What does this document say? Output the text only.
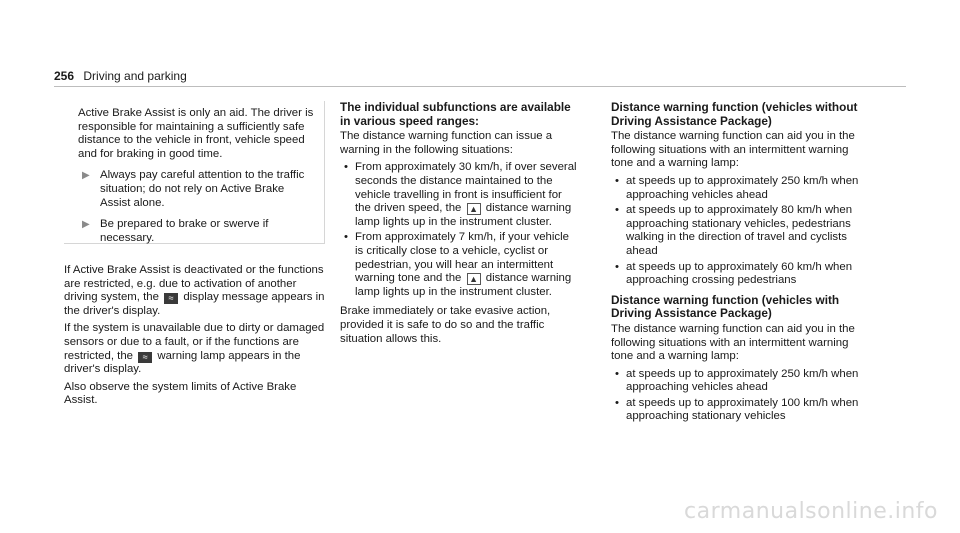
256 Driving and parking

Active Brake Assist is only an aid. The driver is responsible for maintaining a sufficiently safe distance to the vehicle in front, vehicle speed and for braking in good time.

▶ Always pay careful attention to the traffic situation; do not rely on Active Brake Assist alone.
▶ Be prepared to brake or swerve if necessary.

If Active Brake Assist is deactivated or the functions are restricted, e.g. due to activation of another driving system, the ≈ display message appears in the driver's display.

If the system is unavailable due to dirty or damaged sensors or due to a fault, or if the functions are restricted, the ≈ warning lamp appears in the driver's display.

Also observe the system limits of Active Brake Assist.

The individual subfunctions are available in various speed ranges:

The distance warning function can issue a warning in the following situations:

• From approximately 30 km/h, if over several seconds the distance maintained to the vehicle travelling in front is insufficient for the driven speed, the ▲ distance warning lamp lights up in the instrument cluster.
• From approximately 7 km/h, if your vehicle is critically close to a vehicle, cyclist or pedestrian, you will hear an intermittent warning tone and the ▲ distance warning lamp lights up in the instrument cluster.

Brake immediately or take evasive action, provided it is safe to do so and the traffic situation allows this.

Distance warning function (vehicles without Driving Assistance Package)

The distance warning function can aid you in the following situations with an intermittent warning tone and a warning lamp:

• at speeds up to approximately 250 km/h when approaching vehicles ahead
• at speeds up to approximately 80 km/h when approaching stationary vehicles, pedestrians walking in the direction of travel and cyclists ahead
• at speeds up to approximately 60 km/h when approaching crossing pedestrians
Distance warning function (vehicles with Driving Assistance Package)

The distance warning function can aid you in the following situations with an intermittent warning tone and a warning lamp:

• at speeds up to approximately 250 km/h when approaching vehicles ahead
• at speeds up to approximately 100 km/h when approaching stationary vehicles
carmanualsonline.info
